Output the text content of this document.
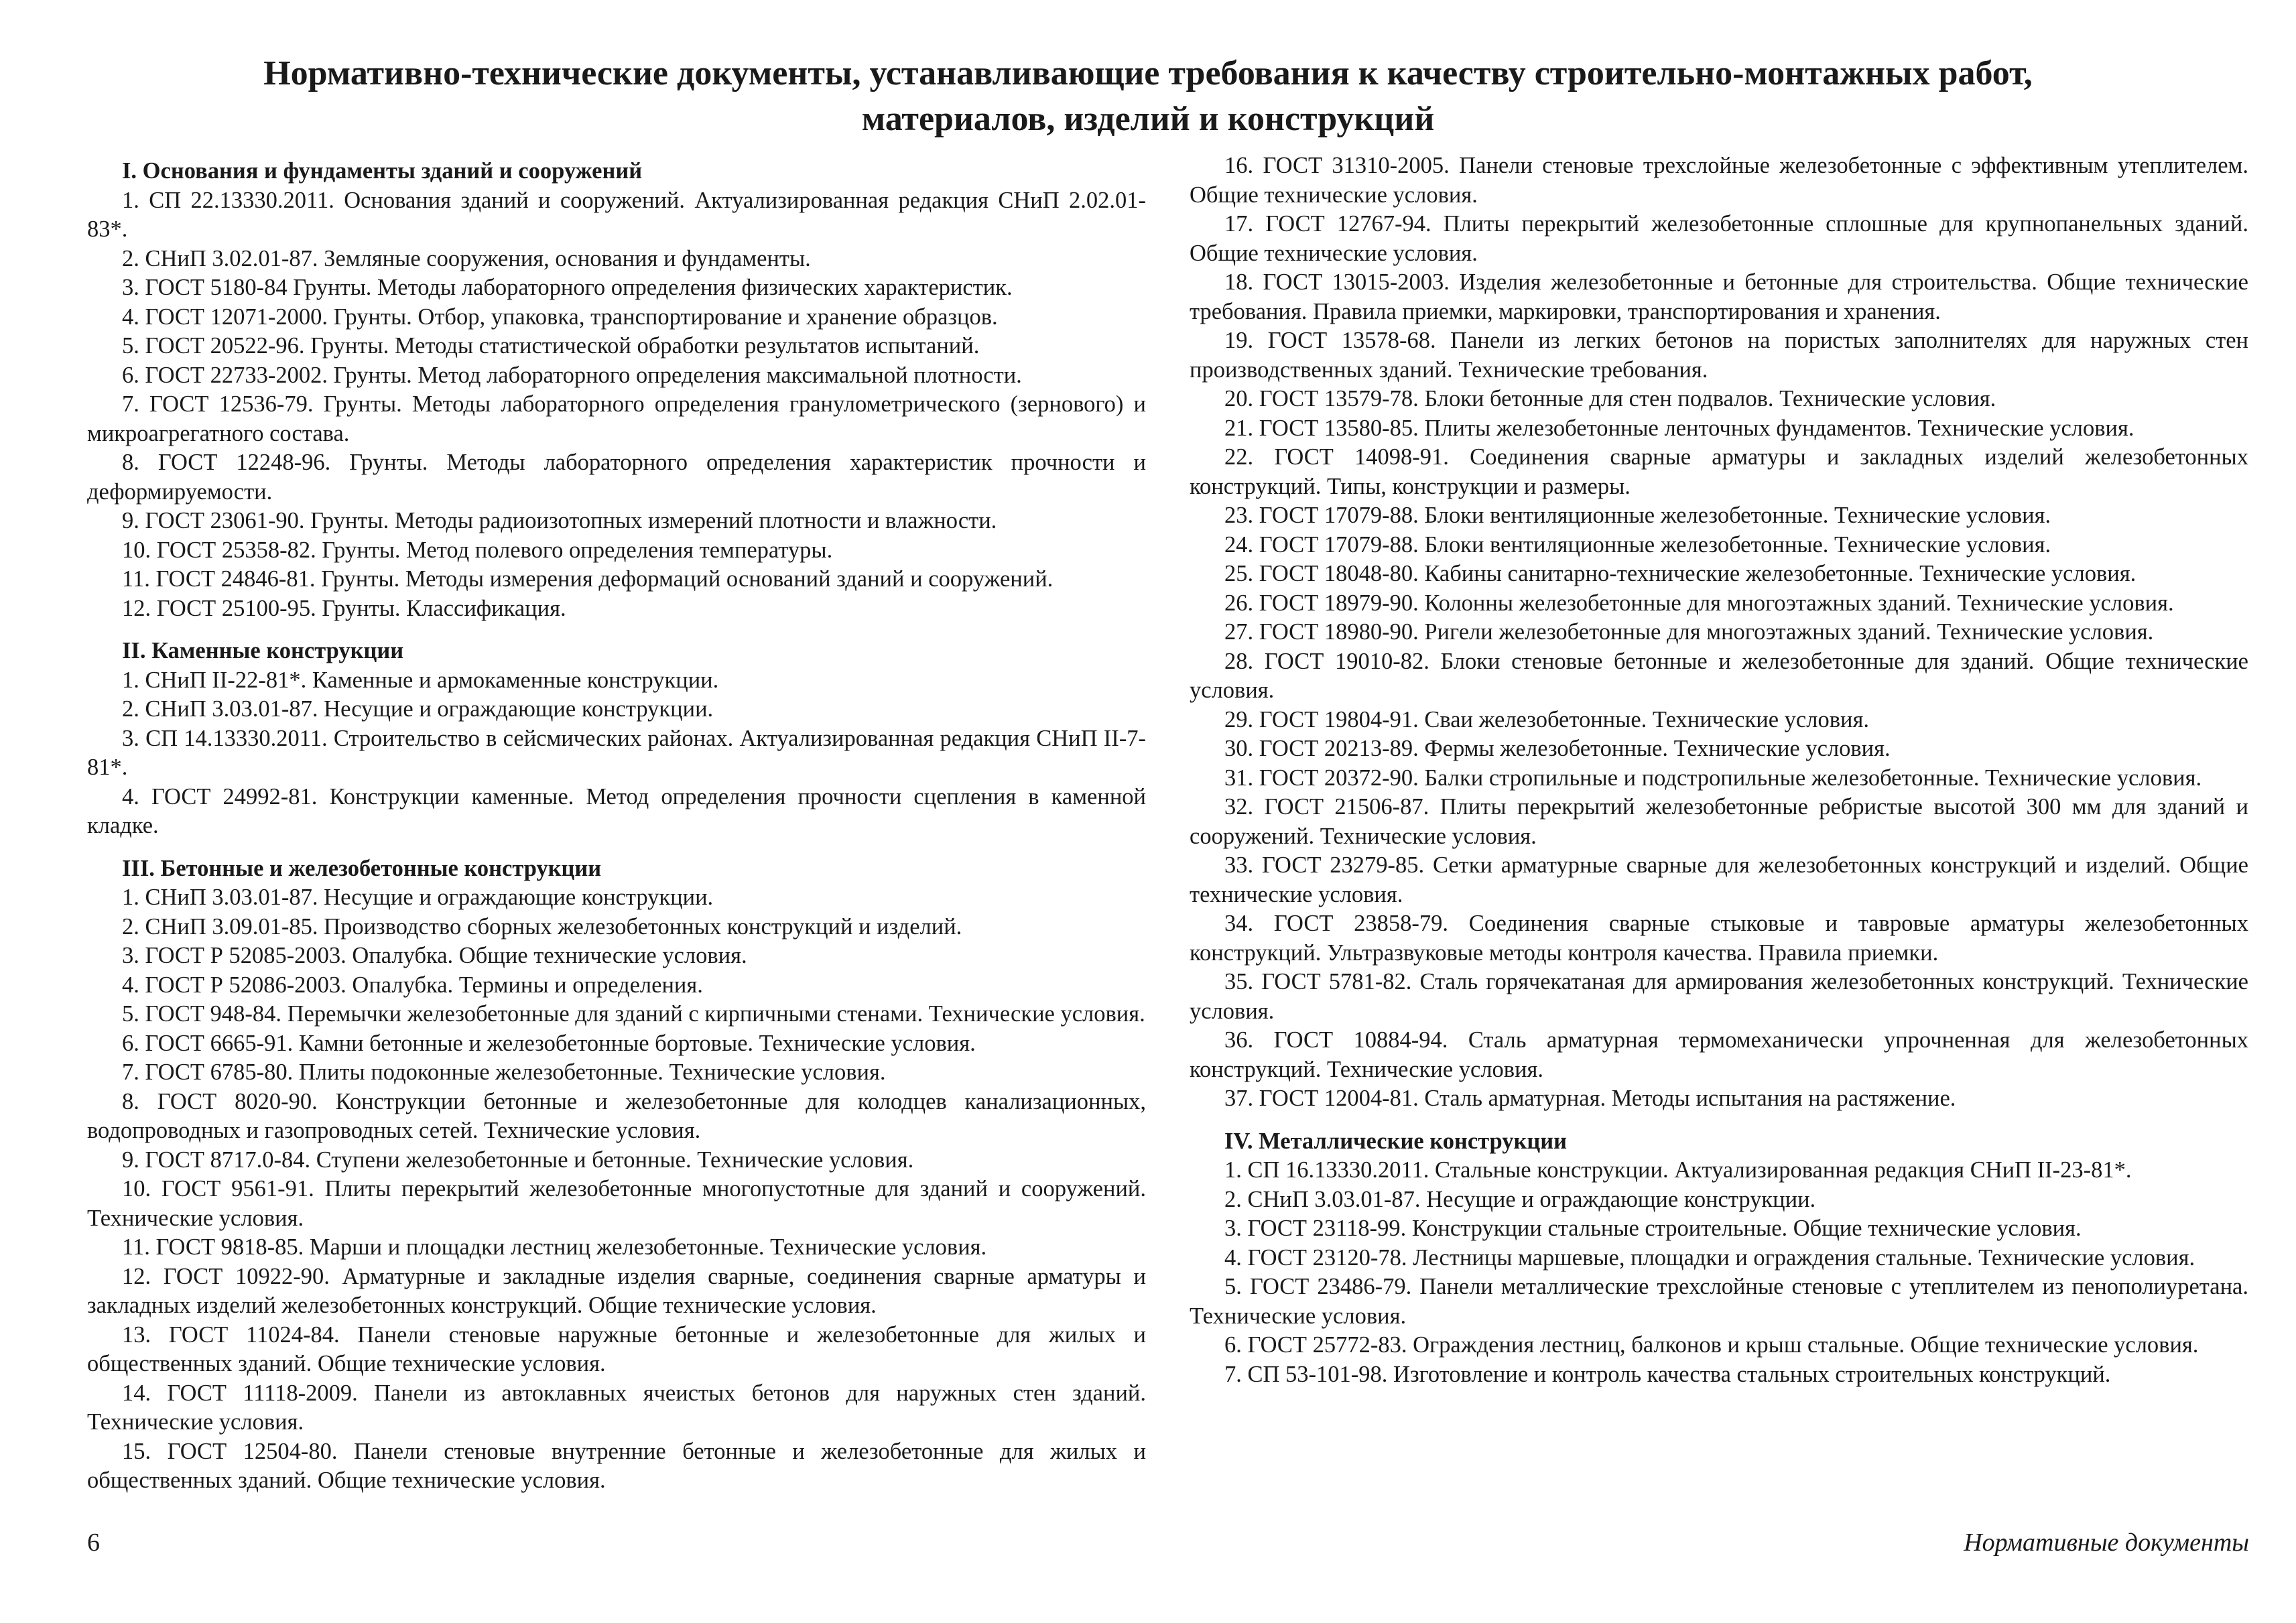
Нормативно-технические документы, устанавливающие требования к качеству строительно-монтажных работ,
материалов, изделий и конструкций

I. Основания и фундаменты зданий и сооружений

1. СП 22.13330.2011. Основания зданий и сооружений. Актуализированная редакция СНиП 2.02.01-83*.

2. СНиП 3.02.01-87. Земляные сооружения, основания и фундаменты.

3. ГОСТ 5180-84 Грунты. Методы лабораторного определения физических характеристик.

4. ГОСТ 12071-2000. Грунты. Отбор, упаковка, транспортирование и хранение образцов.

5. ГОСТ 20522-96. Грунты. Методы статистической обработки результатов испытаний.

6. ГОСТ 22733-2002. Грунты. Метод лабораторного определения максимальной плотности.

7. ГОСТ 12536-79. Грунты. Методы лабораторного определения гранулометрического (зернового) и микроагрегатного состава.

8. ГОСТ 12248-96. Грунты. Методы лабораторного определения характеристик прочности и деформируемости.

9. ГОСТ 23061-90. Грунты. Методы радиоизотопных измерений плотности и влажности.

10. ГОСТ 25358-82. Грунты. Метод полевого определения температуры.

11. ГОСТ 24846-81. Грунты. Методы измерения деформаций оснований зданий и сооружений.

12. ГОСТ 25100-95. Грунты. Классификация.

II. Каменные конструкции

1. СНиП II-22-81*. Каменные и армокаменные конструкции.

2. СНиП 3.03.01-87. Несущие и ограждающие конструкции.

3. СП 14.13330.2011. Строительство в сейсмических районах. Актуализированная редакция СНиП II-7-81*.

4. ГОСТ 24992-81. Конструкции каменные. Метод определения прочности сцепления в каменной кладке.

III. Бетонные и железобетонные конструкции

1. СНиП 3.03.01-87. Несущие и ограждающие конструкции.

2. СНиП 3.09.01-85. Производство сборных железобетонных конструкций и изделий.

3. ГОСТ Р 52085-2003. Опалубка. Общие технические условия.

4. ГОСТ Р 52086-2003. Опалубка. Термины и определения.

5. ГОСТ 948-84. Перемычки железобетонные для зданий с кирпичными стенами. Технические условия.

6. ГОСТ 6665-91. Камни бетонные и железобетонные бортовые. Технические условия.

7. ГОСТ 6785-80. Плиты подоконные железобетонные. Технические условия.

8. ГОСТ 8020-90. Конструкции бетонные и железобетонные для колодцев канализационных, водопроводных и газопроводных сетей. Технические условия.

9. ГОСТ 8717.0-84. Ступени железобетонные и бетонные. Технические условия.

10. ГОСТ 9561-91. Плиты перекрытий железобетонные многопустотные для зданий и сооружений. Технические условия.

11. ГОСТ 9818-85. Марши и площадки лестниц железобетонные. Технические условия.

12. ГОСТ 10922-90. Арматурные и закладные изделия сварные, соединения сварные арматуры и закладных изделий железобетонных конструкций. Общие технические условия.

13. ГОСТ 11024-84. Панели стеновые наружные бетонные и железобетонные для жилых и общественных зданий. Общие технические условия.

14. ГОСТ 11118-2009. Панели из автоклавных ячеистых бетонов для наружных стен зданий. Технические условия.

15. ГОСТ 12504-80. Панели стеновые внутренние бетонные и железобетонные для жилых и общественных зданий. Общие технические условия.

16. ГОСТ 31310-2005. Панели стеновые трехслойные железобетонные с эффективным утеплителем. Общие технические условия.

17. ГОСТ 12767-94. Плиты перекрытий железобетонные сплошные для крупнопанельных зданий. Общие технические условия.

18. ГОСТ 13015-2003. Изделия железобетонные и бетонные для строительства. Общие технические требования. Правила приемки, маркировки, транспортирования и хранения.

19. ГОСТ 13578-68. Панели из легких бетонов на пористых заполнителях для наружных стен производственных зданий. Технические требования.

20. ГОСТ 13579-78. Блоки бетонные для стен подвалов. Технические условия.

21. ГОСТ 13580-85. Плиты железобетонные ленточных фундаментов. Технические условия.

22. ГОСТ 14098-91. Соединения сварные арматуры и закладных изделий железобетонных конструкций. Типы, конструкции и размеры.

23. ГОСТ 17079-88. Блоки вентиляционные железобетонные. Технические условия.

24. ГОСТ 17079-88. Блоки вентиляционные железобетонные. Технические условия.

25. ГОСТ 18048-80. Кабины санитарно-технические железобетонные. Технические условия.

26. ГОСТ 18979-90. Колонны железобетонные для многоэтажных зданий. Технические условия.

27. ГОСТ 18980-90. Ригели железобетонные для многоэтажных зданий. Технические условия.

28. ГОСТ 19010-82. Блоки стеновые бетонные и железобетонные для зданий. Общие технические условия.

29. ГОСТ 19804-91. Сваи железобетонные. Технические условия.

30. ГОСТ 20213-89. Фермы железобетонные. Технические условия.

31. ГОСТ 20372-90. Балки стропильные и подстропильные железобетонные. Технические условия.

32. ГОСТ 21506-87. Плиты перекрытий железобетонные ребристые высотой 300 мм для зданий и сооружений. Технические условия.

33. ГОСТ 23279-85. Сетки арматурные сварные для железобетонных конструкций и изделий. Общие технические условия.

34. ГОСТ 23858-79. Соединения сварные стыковые и тавровые арматуры железобетонных конструкций. Ультразвуковые методы контроля качества. Правила приемки.

35. ГОСТ 5781-82. Сталь горячекатаная для армирования железобетонных конструкций. Технические условия.

36. ГОСТ 10884-94. Сталь арматурная термомеханически упрочненная для железобетонных конструкций. Технические условия.

37. ГОСТ 12004-81. Сталь арматурная. Методы испытания на растяжение.

IV. Металлические конструкции

1. СП 16.13330.2011. Стальные конструкции. Актуализированная редакция СНиП II-23-81*.

2. СНиП 3.03.01-87. Несущие и ограждающие конструкции.

3. ГОСТ 23118-99. Конструкции стальные строительные. Общие технические условия.

4. ГОСТ 23120-78. Лестницы маршевые, площадки и ограждения стальные. Технические условия.

5. ГОСТ 23486-79. Панели металлические трехслойные стеновые с утеплителем из пенополиуретана. Технические условия.

6. ГОСТ 25772-83. Ограждения лестниц, балконов и крыш стальные. Общие технические условия.

7. СП 53-101-98. Изготовление и контроль качества стальных строительных конструкций.

6	Нормативные документы
